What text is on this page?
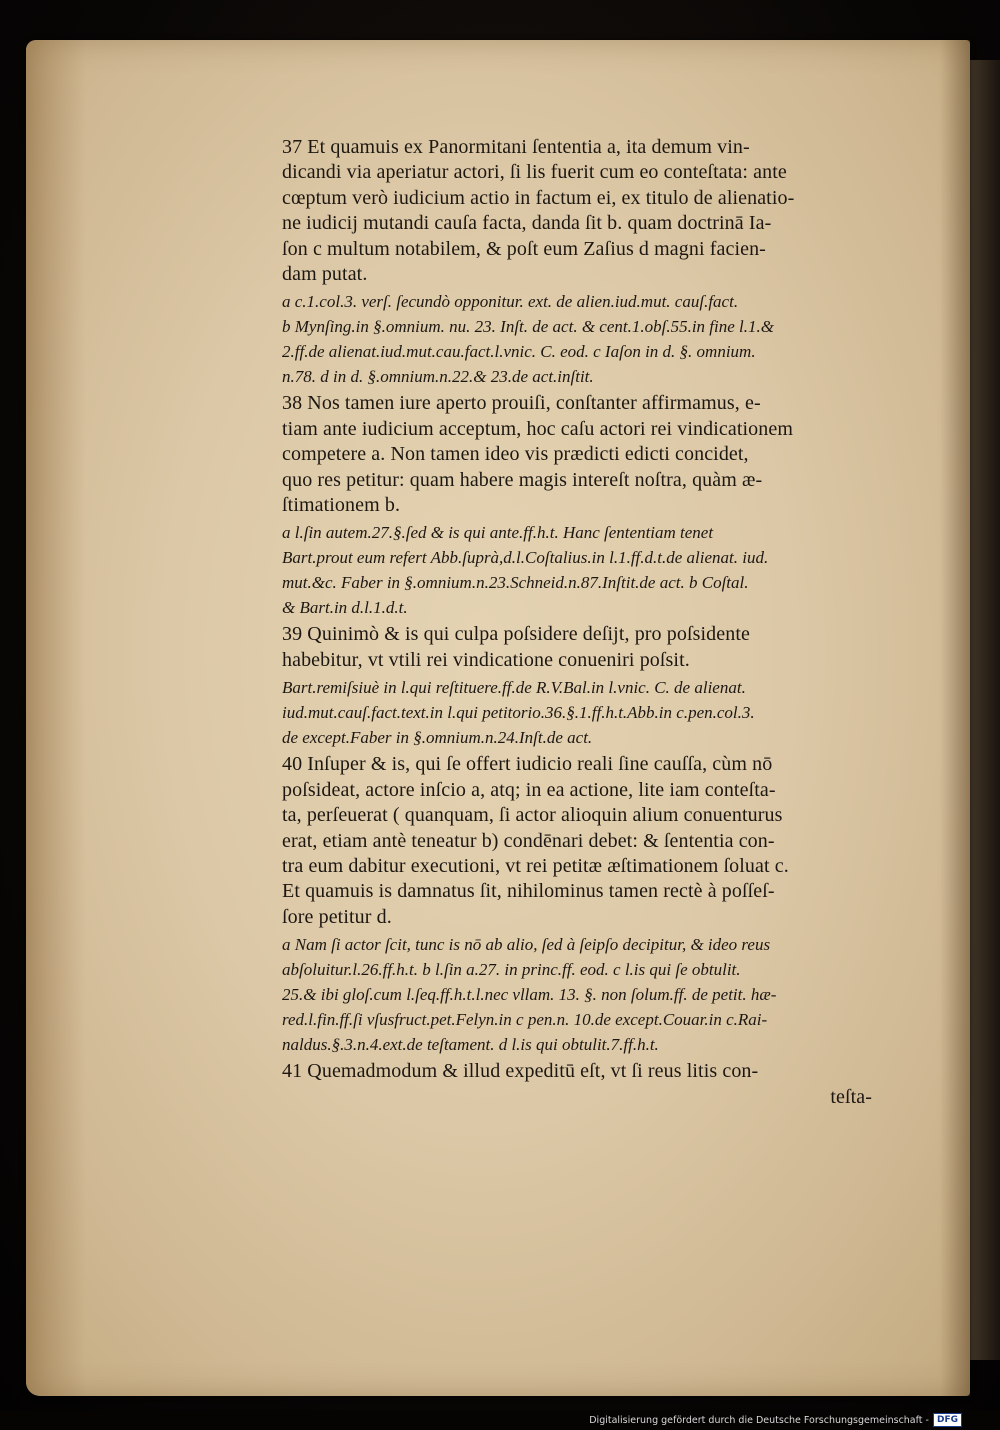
37 Et quamuis ex Panormitani ſententia a, ita demum vin-
dicandi via aperiatur actori, ſi lis fuerit cum eo conteſtata: ante
cœptum verò iudicium actio in factum ei, ex titulo de alienatio-
ne iudicij mutandi cauſa facta, danda ſit b. quam doctrinā Ia-
ſon c multum notabilem, & poſt eum Zaſius d magni facien-
dam putat.
a c.1.col.3. verſ. ſecundò opponitur. ext. de alien.iud.mut. cauſ.fact.
b Mynſing.in §.omnium. nu. 23. Inſt. de act. & cent.1.obſ.55.in fine l.1.&
2.ff.de alienat.iud.mut.cau.fact.l.vnic. C. eod. c Iaſon in d. §. omnium.
n.78. d in d. §.omnium.n.22.& 23.de act.inſtit.
38 Nos tamen iure aperto prouiſi, conſtanter affirmamus, e-
tiam ante iudicium acceptum, hoc caſu actori rei vindicationem
competere a. Non tamen ideo vis prædicti edicti concidet,
quo res petitur: quam habere magis intereſt noſtra, quàm æ-
ſtimationem b.
a l.ſin autem.27.§.ſed & is qui ante.ff.h.t. Hanc ſententiam tenet
Bart.prout eum refert Abb.ſuprà,d.l.Coſtalius.in l.1.ff.d.t.de alienat. iud.
mut.&c. Faber in §.omnium.n.23.Schneid.n.87.Inſtit.de act. b Coſtal.
& Bart.in d.l.1.d.t.
39 Quinimò & is qui culpa poſsidere deſijt, pro poſsidente
habebitur, vt vtili rei vindicatione conueniri poſsit.
Bart.remiſsiuè in l.qui reſtituere.ff.de R.V.Bal.in l.vnic. C. de alienat.
iud.mut.cauſ.fact.text.in l.qui petitorio.36.§.1.ff.h.t.Abb.in c.pen.col.3.
de except.Faber in §.omnium.n.24.Inſt.de act.
40 Inſuper & is, qui ſe offert iudicio reali ſine cauſſa, cùm nō
poſsideat, actore inſcio a, atq; in ea actione, lite iam conteſta-
ta, perſeuerat ( quanquam, ſi actor alioquin alium conuenturus
erat, etiam antè teneatur b) condēnari debet: & ſententia con-
tra eum dabitur executioni, vt rei petitæ æſtimationem ſoluat c.
Et quamuis is damnatus ſit, nihilominus tamen rectè à poſſeſ-
ſore petitur d.
a Nam ſi actor ſcit, tunc is nō ab alio, ſed à ſeipſo decipitur, & ideo reus
abſoluitur.l.26.ff.h.t. b l.ſin a.27. in princ.ff. eod. c l.is qui ſe obtulit.
25.& ibi gloſ.cum l.ſeq.ff.h.t.l.nec vllam. 13. §. non ſolum.ff. de petit. hæ-
red.l.fin.ff.ſi vſusfruct.pet.Felyn.in c pen.n. 10.de except.Couar.in c.Rai-
naldus.§.3.n.4.ext.de teſtament. d l.is qui obtulit.7.ff.h.t.
41 Quemadmodum & illud expeditū eſt, vt ſi reus litis con-
teſta-
Digitalisierung gefördert durch die Deutsche Forschungsgemeinschaft - DFG
